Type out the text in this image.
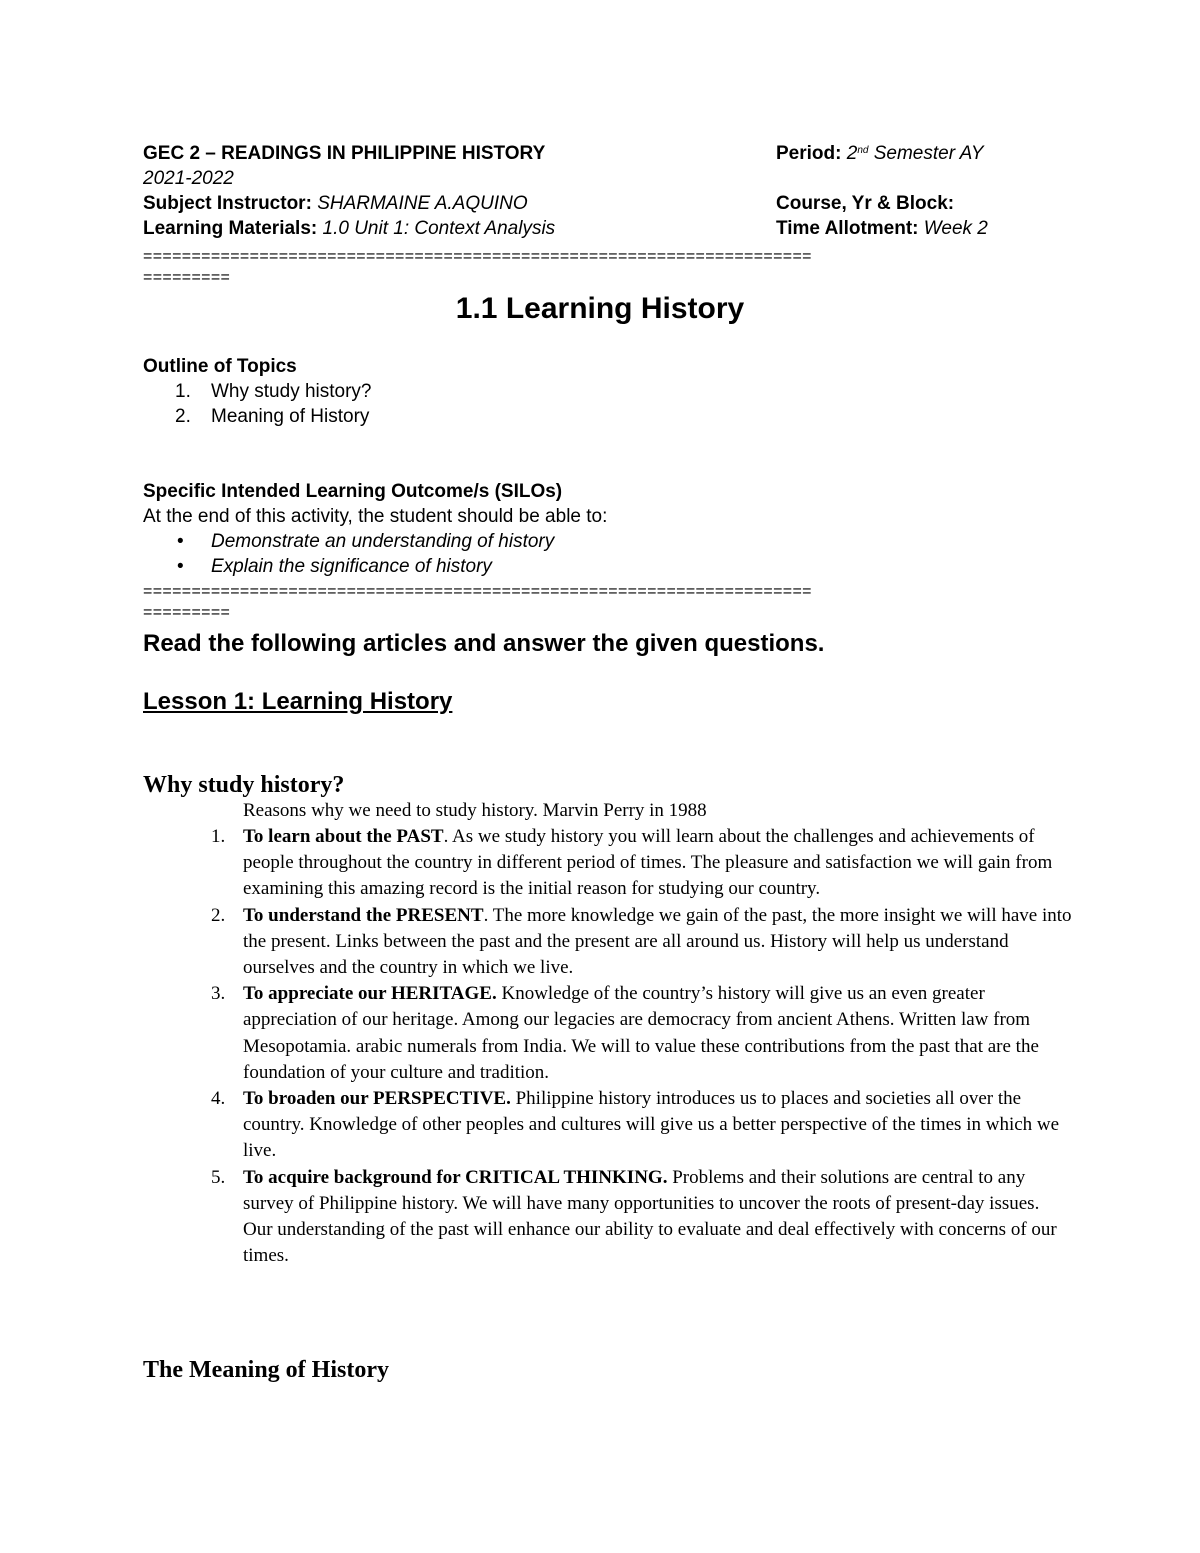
GEC 2 – READINGS IN PHILIPPINE HISTORY	Period: 2nd Semester AY
2021-2022
Subject Instructor: SHARMAINE A.AQUINO	Course, Yr & Block:
Learning Materials: 1.0 Unit 1: Context Analysis	Time Allotment: Week 2
=====================================================================
=========
1.1 Learning History
Outline of Topics
1. Why study history?
2. Meaning of History
Specific Intended Learning Outcome/s (SILOs)
At the end of this activity, the student should be able to:
• Demonstrate an understanding of history
• Explain the significance of history
=====================================================================
=========
Read the following articles and answer the given questions.
Lesson 1: Learning History
Why study history?
Reasons why we need to study history. Marvin Perry in 1988
1. To learn about the PAST. As we study history you will learn about the challenges and achievements of people throughout the country in different period of times. The pleasure and satisfaction we will gain from examining this amazing record is the initial reason for studying our country.
2. To understand the PRESENT. The more knowledge we gain of the past, the more insight we will have into the present. Links between the past and the present are all around us. History will help us understand ourselves and the country in which we live.
3. To appreciate our HERITAGE. Knowledge of the country’s history will give us an even greater appreciation of our heritage. Among our legacies are democracy from ancient Athens. Written law from Mesopotamia. arabic numerals from India. We will to value these contributions from the past that are the foundation of your culture and tradition.
4. To broaden our PERSPECTIVE. Philippine history introduces us to places and societies all over the country. Knowledge of other peoples and cultures will give us a better perspective of the times in which we live.
5. To acquire background for CRITICAL THINKING. Problems and their solutions are central to any survey of Philippine history. We will have many opportunities to uncover the roots of present-day issues. Our understanding of the past will enhance our ability to evaluate and deal effectively with concerns of our times.
The Meaning of History
